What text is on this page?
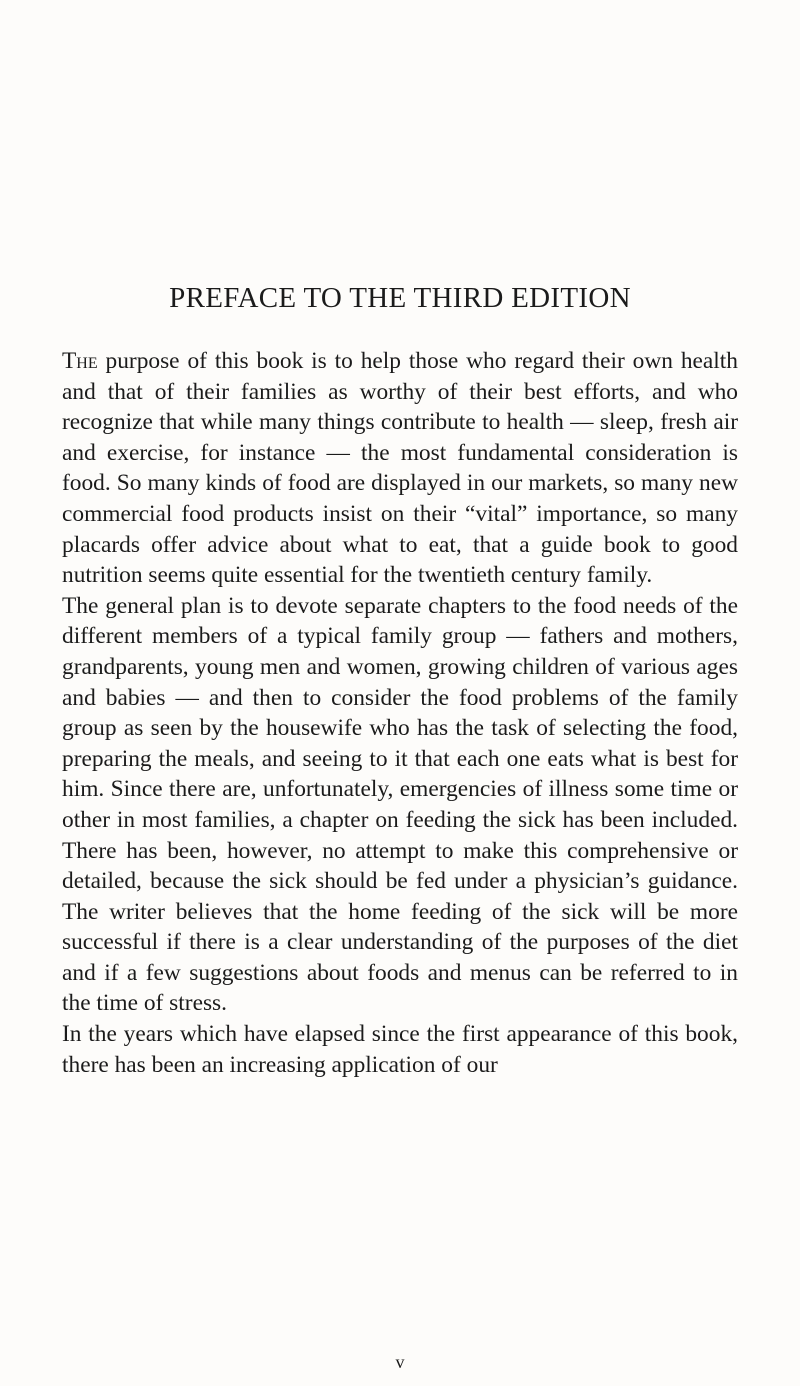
PREFACE TO THE THIRD EDITION

The purpose of this book is to help those who regard their own health and that of their families as worthy of their best efforts, and who recognize that while many things contribute to health — sleep, fresh air and exercise, for instance — the most fundamental consideration is food. So many kinds of food are displayed in our markets, so many new commercial food products insist on their “vital” importance, so many placards offer advice about what to eat, that a guide book to good nutrition seems quite essential for the twentieth century family.

The general plan is to devote separate chapters to the food needs of the different members of a typical family group — fathers and mothers, grandparents, young men and women, growing children of various ages and babies — and then to consider the food problems of the family group as seen by the housewife who has the task of selecting the food, preparing the meals, and seeing to it that each one eats what is best for him. Since there are, unfortunately, emergencies of illness some time or other in most families, a chapter on feeding the sick has been included. There has been, however, no attempt to make this comprehensive or detailed, because the sick should be fed under a physician’s guidance. The writer believes that the home feeding of the sick will be more successful if there is a clear understanding of the purposes of the diet and if a few suggestions about foods and menus can be referred to in the time of stress.

In the years which have elapsed since the first appearance of this book, there has been an increasing application of our

v
